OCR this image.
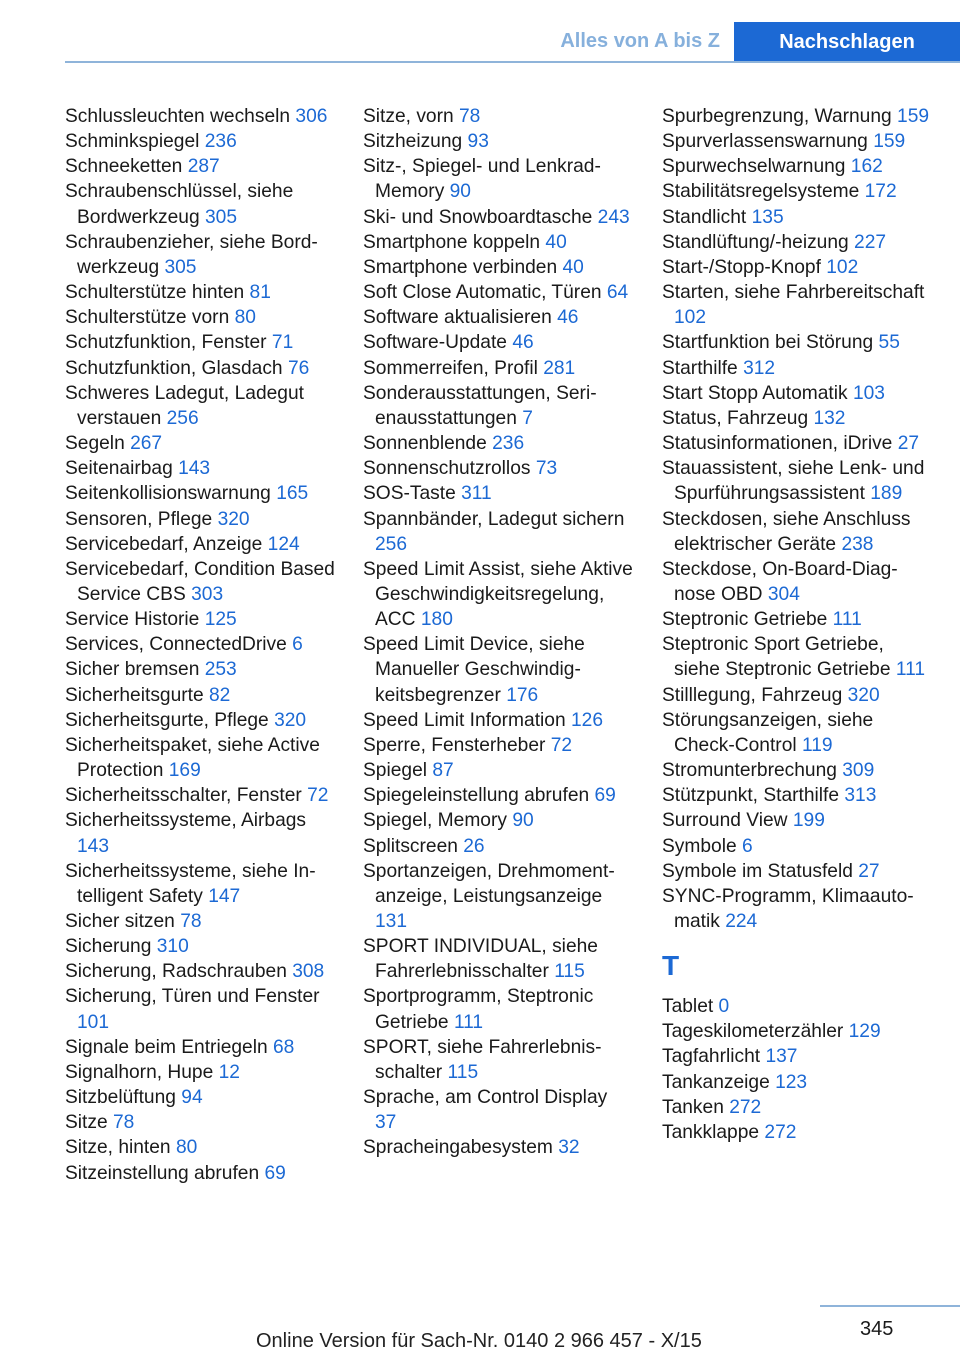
Alles von A bis Z	Nachschlagen
Schlussleuchten wechseln 306
Schminkspiegel 236
Schneeketten 287
Schraubenschlüssel, siehe Bordwerkzeug 305
Schraubenzieher, siehe Bordwerkzeug 305
Schulterstütze hinten 81
Schulterstütze vorn 80
Schutzfunktion, Fenster 71
Schutzfunktion, Glasdach 76
Schweres Ladegut, Ladegut verstauen 256
Segeln 267
Seitenairbag 143
Seitenkollisionswarnung 165
Sensoren, Pflege 320
Servicebedarf, Anzeige 124
Servicebedarf, Condition Based Service CBS 303
Service Historie 125
Services, ConnectedDrive 6
Sicher bremsen 253
Sicherheitsgurte 82
Sicherheitsgurte, Pflege 320
Sicherheitspaket, siehe Active Protection 169
Sicherheitsschalter, Fenster 72
Sicherheitssysteme, Airbags 143
Sicherheitssysteme, siehe Intelligent Safety 147
Sicher sitzen 78
Sicherung 310
Sicherung, Radschrauben 308
Sicherung, Türen und Fenster 101
Signale beim Entriegeln 68
Signalhorn, Hupe 12
Sitzbelüftung 94
Sitze 78
Sitze, hinten 80
Sitzeinstellung abrufen 69
Sitze, vorn 78
Sitzheizung 93
Sitz-, Spiegel- und Lenkrad-Memory 90
Ski- und Snowboardtasche 243
Smartphone koppeln 40
Smartphone verbinden 40
Soft Close Automatic, Türen 64
Software aktualisieren 46
Software-Update 46
Sommerreifen, Profil 281
Sonderausstattungen, Serienausstattungen 7
Sonnenblende 236
Sonnenschutzrollos 73
SOS-Taste 311
Spannbänder, Ladegut sichern 256
Speed Limit Assist, siehe Aktive Geschwindigkeitsregelung, ACC 180
Speed Limit Device, siehe Manueller Geschwindigkeitsbegrenzer 176
Speed Limit Information 126
Sperre, Fensterheber 72
Spiegel 87
Spiegeleinstellung abrufen 69
Spiegel, Memory 90
Splitscreen 26
Sportanzeigen, Drehmomentanzeige, Leistungsanzeige 131
SPORT INDIVIDUAL, siehe Fahrerlebnisschalter 115
Sportprogramm, Steptronic Getriebe 111
SPORT, siehe Fahrerlebnisschalter 115
Sprache, am Control Display 37
Spracheingabesystem 32
Spurbegrenzung, Warnung 159
Spurverlassenswarnung 159
Spurwechselwarnung 162
Stabilitätsregelsysteme 172
Standlicht 135
Standlüftung/-heizung 227
Start-/Stopp-Knopf 102
Starten, siehe Fahrbereitschaft 102
Startfunktion bei Störung 55
Starthilfe 312
Start Stopp Automatik 103
Status, Fahrzeug 132
Statusinformationen, iDrive 27
Stauassistent, siehe Lenk- und Spurführungsassistent 189
Steckdosen, siehe Anschluss elektrischer Geräte 238
Steckdose, On-Board-Diagnose OBD 304
Steptronic Getriebe 111
Steptronic Sport Getriebe, siehe Steptronic Getriebe 111
Stilllegung, Fahrzeug 320
Störungsanzeigen, siehe Check-Control 119
Stromunterbrechung 309
Stützpunkt, Starthilfe 313
Surround View 199
Symbole 6
Symbole im Statusfeld 27
SYNC-Programm, Klimaautomatik 224
T
Tablet 0
Tageskilometerzähler 129
Tagfahrlicht 137
Tankanzeige 123
Tanken 272
Tankklappe 272
345
Online Version für Sach-Nr. 0140 2 966 457 - X/15
